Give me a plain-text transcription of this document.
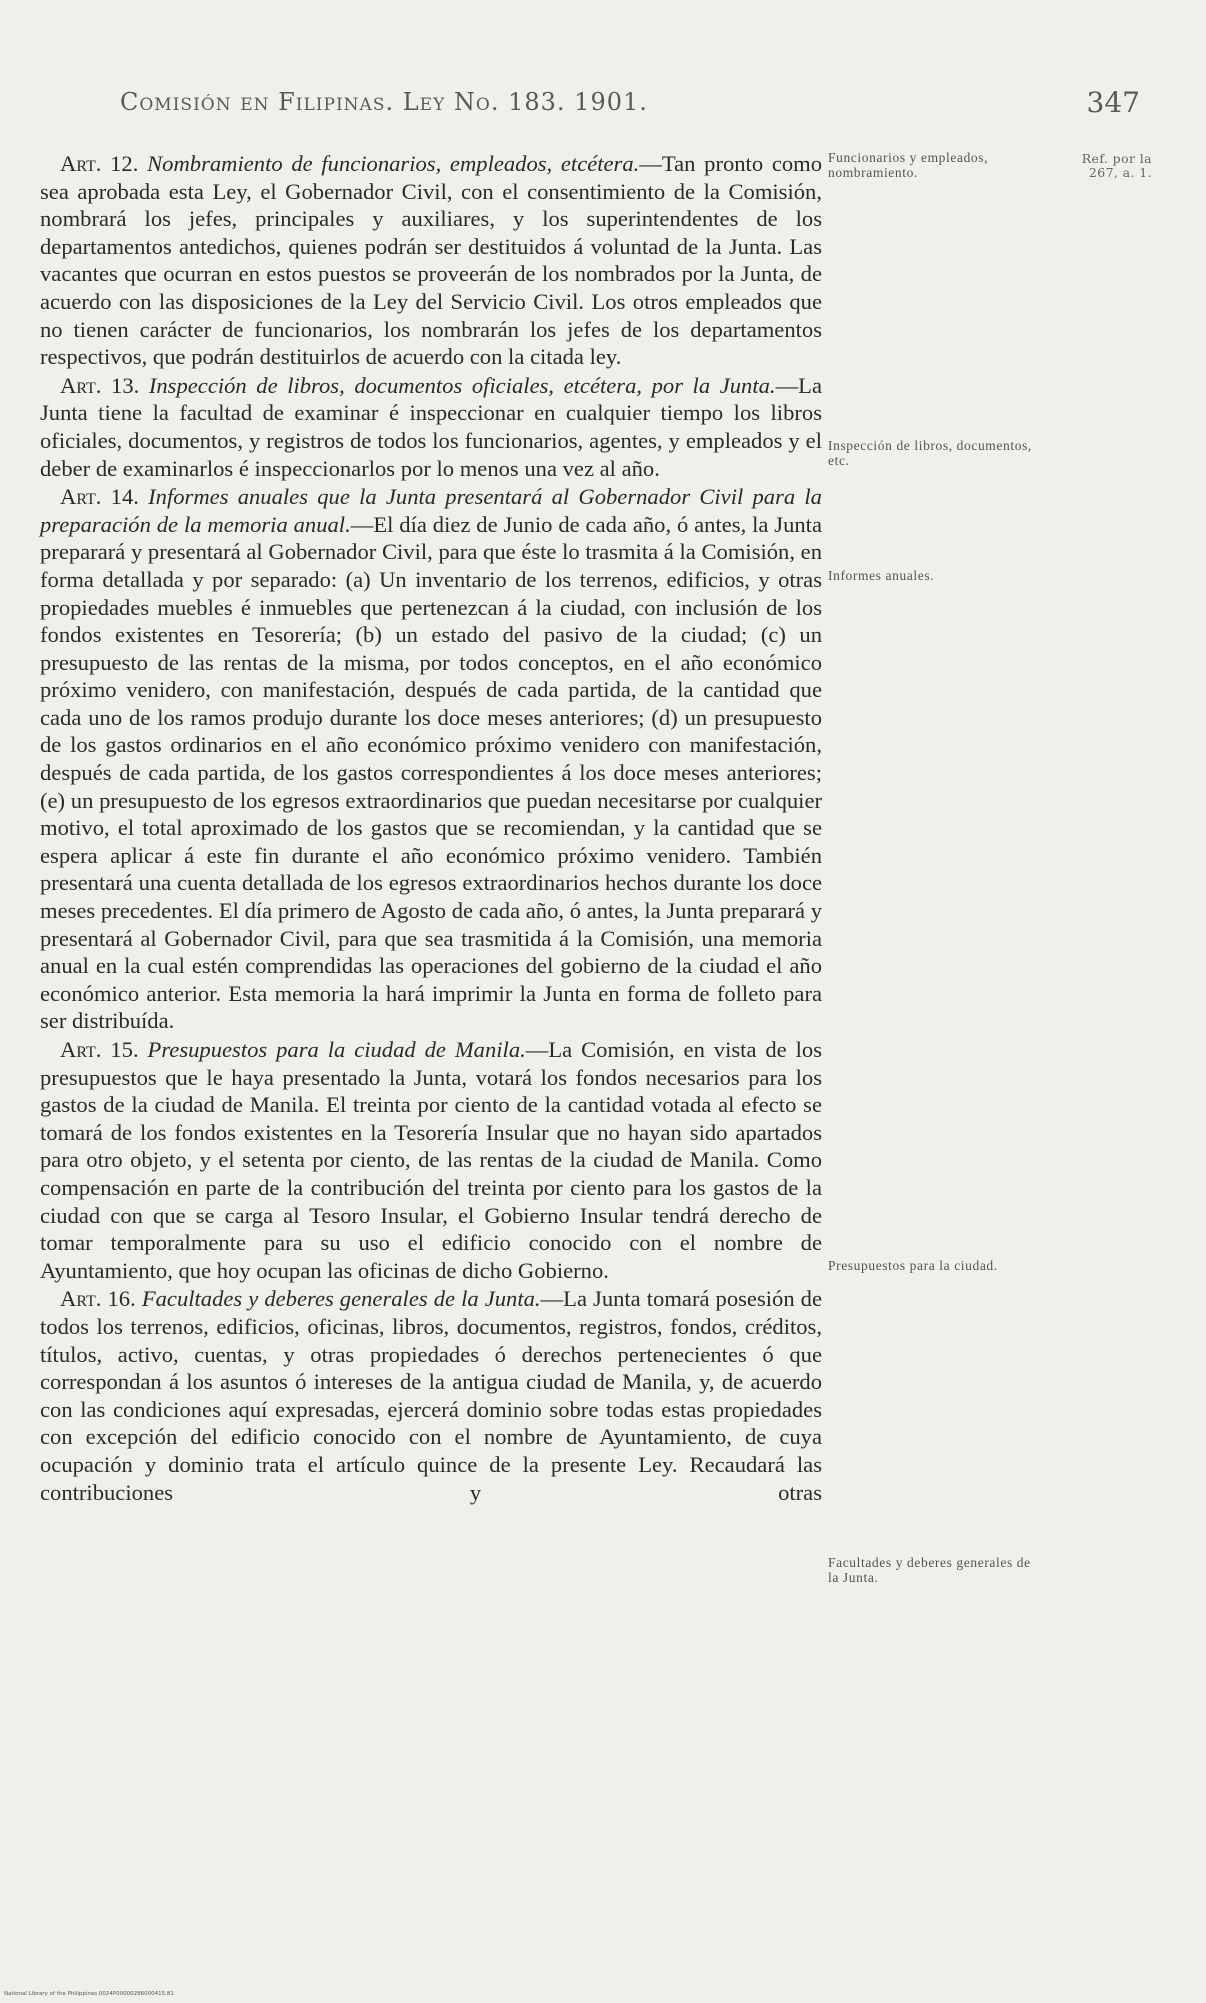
Comisión en Filipinas. Ley No. 183. 1901.	347

Art. 12. Nombramiento de funcionarios, empleados, etcétera.—Tan pronto como sea aprobada esta Ley, el Gobernador Civil, con el consentimiento de la Comisión, nombrará los jefes, principales y auxiliares, y los superintendentes de los departamentos antedichos, quienes podrán ser destituidos á voluntad de la Junta. Las vacantes que ocurran en estos puestos se proveerán de los nombrados por la Junta, de acuerdo con las disposiciones de la Ley del Servicio Civil. Los otros empleados que no tienen carácter de funcionarios, los nombrarán los jefes de los departamentos respectivos, que podrán destituirlos de acuerdo con la citada ley.

Art. 13. Inspección de libros, documentos oficiales, etcétera, por la Junta.—La Junta tiene la facultad de examinar é inspeccionar en cualquier tiempo los libros oficiales, documentos, y registros de todos los funcionarios, agentes, y empleados y el deber de examinarlos é inspeccionarlos por lo menos una vez al año.

Art. 14. Informes anuales que la Junta presentará al Gobernador Civil para la preparación de la memoria anual.—El día diez de Junio de cada año, ó antes, la Junta preparará y presentará al Gobernador Civil, para que éste lo trasmita á la Comisión, en forma detallada y por separado: (a) Un inventario de los terrenos, edificios, y otras propiedades muebles é inmuebles que pertenezcan á la ciudad, con inclusión de los fondos existentes en Tesorería; (b) un estado del pasivo de la ciudad; (c) un presupuesto de las rentas de la misma, por todos conceptos, en el año económico próximo venidero, con manifestación, después de cada partida, de la cantidad que cada uno de los ramos produjo durante los doce meses anteriores; (d) un presupuesto de los gastos ordinarios en el año económico próximo venidero con manifestación, después de cada partida, de los gastos correspondientes á los doce meses anteriores; (e) un presupuesto de los egresos extraordinarios que puedan necesitarse por cualquier motivo, el total aproximado de los gastos que se recomiendan, y la cantidad que se espera aplicar á este fin durante el año económico próximo venidero. También presentará una cuenta detallada de los egresos extraordinarios hechos durante los doce meses precedentes. El día primero de Agosto de cada año, ó antes, la Junta preparará y presentará al Gobernador Civil, para que sea trasmitida á la Comisión, una memoria anual en la cual estén comprendidas las operaciones del gobierno de la ciudad el año económico anterior. Esta memoria la hará imprimir la Junta en forma de folleto para ser distribuída.

Art. 15. Presupuestos para la ciudad de Manila.—La Comisión, en vista de los presupuestos que le haya presentado la Junta, votará los fondos necesarios para los gastos de la ciudad de Manila. El treinta por ciento de la cantidad votada al efecto se tomará de los fondos existentes en la Tesorería Insular que no hayan sido apartados para otro objeto, y el setenta por ciento, de las rentas de la ciudad de Manila. Como compensación en parte de la contribución del treinta por ciento para los gastos de la ciudad con que se carga al Tesoro Insular, el Gobierno Insular tendrá derecho de tomar temporalmente para su uso el edificio conocido con el nombre de Ayuntamiento, que hoy ocupan las oficinas de dicho Gobierno.

Art. 16. Facultades y deberes generales de la Junta.—La Junta tomará posesión de todos los terrenos, edificios, oficinas, libros, documentos, registros, fondos, créditos, títulos, activo, cuentas, y otras propiedades ó derechos pertenecientes ó que correspondan á los asuntos ó intereses de la antigua ciudad de Manila, y, de acuerdo con las condiciones aquí expresadas, ejercerá dominio sobre todas estas propiedades con excepción del edificio conocido con el nombre de Ayuntamiento, de cuya ocupación y dominio trata el artículo quince de la presente Ley. Recaudará las contribuciones y otras

Funcionarios y empleados, nombramiento.
Ref. por la 267, a. 1.
Inspección de libros, documentos, etc.
Informes anuales.
Presupuestos para la ciudad.
Facultades y deberes generales de la Junta.
National Library of the Philippines 0024P00000286000415.81
